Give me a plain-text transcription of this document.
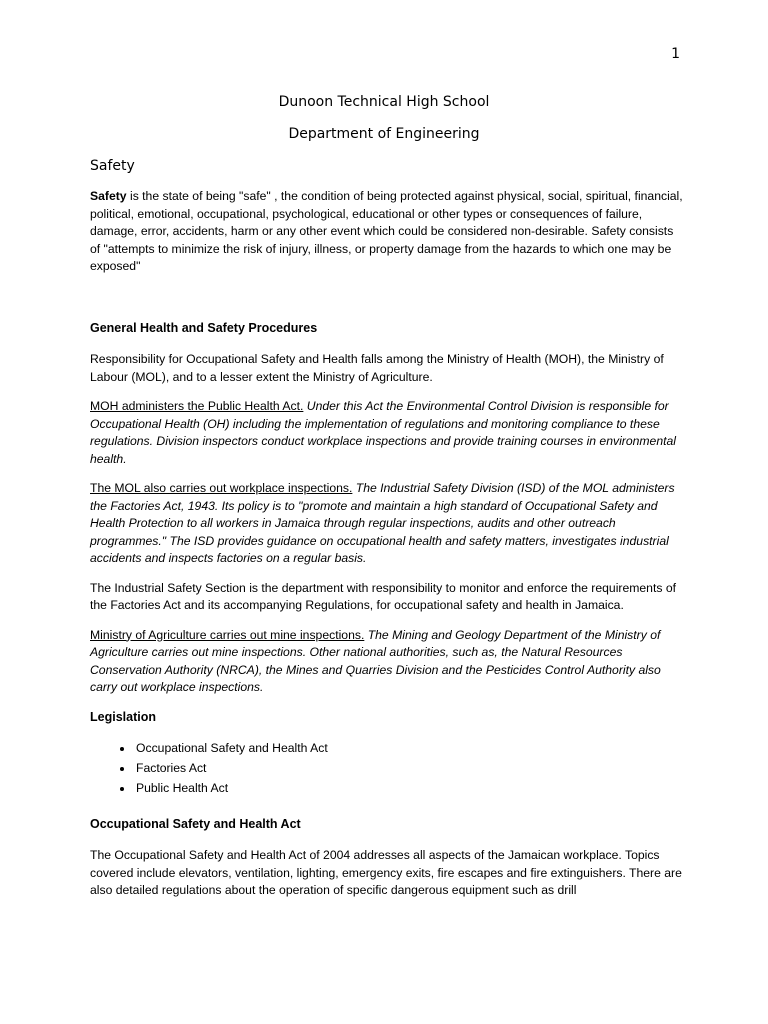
1
Dunoon Technical High School
Department of Engineering
Safety

Safety is the state of being "safe" , the condition of being protected against physical, social, spiritual, financial, political, emotional, occupational, psychological, educational or other types or consequences of failure, damage, error, accidents, harm or any other event which could be considered non-desirable. Safety consists of "attempts to minimize the risk of injury, illness, or property damage from the hazards to which one may be exposed"

General Health and Safety Procedures

Responsibility for Occupational Safety and Health falls among the Ministry of Health (MOH), the Ministry of Labour (MOL), and to a lesser extent the Ministry of Agriculture.

MOH administers the Public Health Act. Under this Act the Environmental Control Division is responsible for Occupational Health (OH) including the implementation of regulations and monitoring compliance to these regulations. Division inspectors conduct workplace inspections and provide training courses in environmental health.

The MOL also carries out workplace inspections. The Industrial Safety Division (ISD) of the MOL administers the Factories Act, 1943. Its policy is to "promote and maintain a high standard of Occupational Safety and Health Protection to all workers in Jamaica through regular inspections, audits and other outreach programmes." The ISD provides guidance on occupational health and safety matters, investigates industrial accidents and inspects factories on a regular basis.

The Industrial Safety Section is the department with responsibility to monitor and enforce the requirements of the Factories Act and its accompanying Regulations, for occupational safety and health in Jamaica.

Ministry of Agriculture carries out mine inspections. The Mining and Geology Department of the Ministry of Agriculture carries out mine inspections. Other national authorities, such as, the Natural Resources Conservation Authority (NRCA), the Mines and Quarries Division and the Pesticides Control Authority also carry out workplace inspections.

Legislation
• Occupational Safety and Health Act
• Factories Act
• Public Health Act
Occupational Safety and Health Act

The Occupational Safety and Health Act of 2004 addresses all aspects of the Jamaican workplace. Topics covered include elevators, ventilation, lighting, emergency exits, fire escapes and fire extinguishers. There are also detailed regulations about the operation of specific dangerous equipment such as drill
